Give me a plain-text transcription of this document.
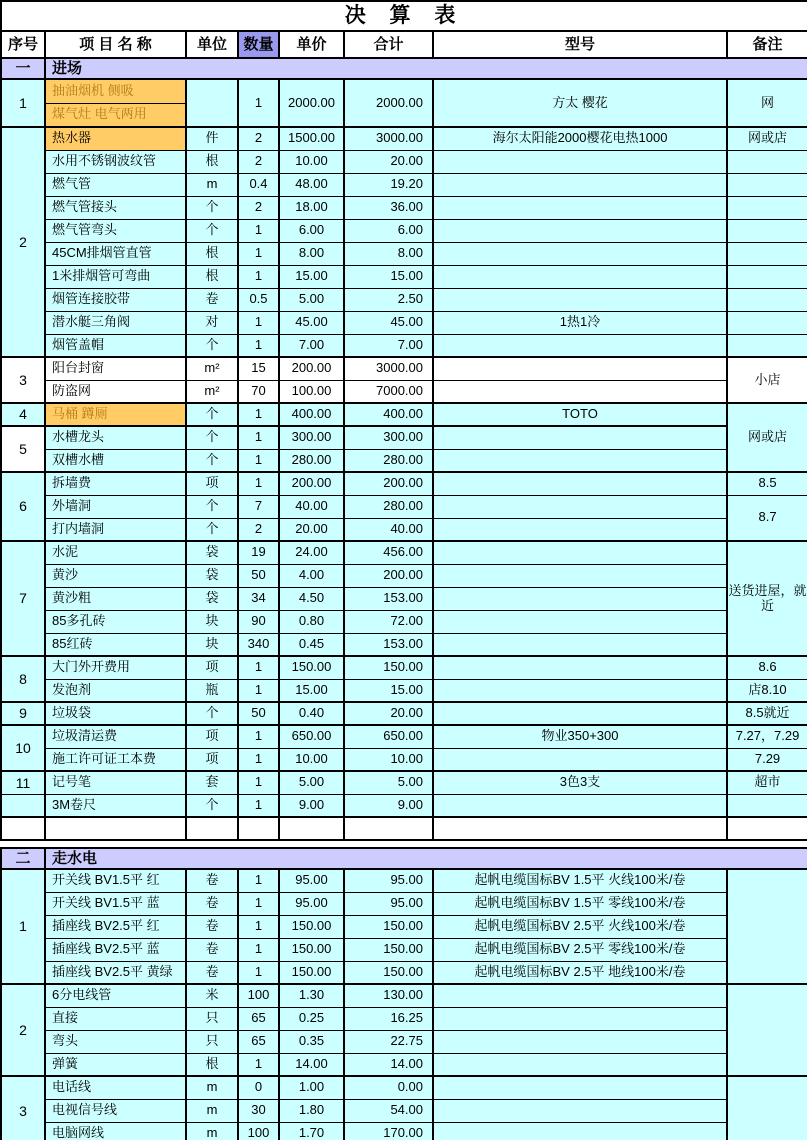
决 算 表							
序号	项 目 名 称	单位	数量	单价	合计	型号	备注
一	进场						
1	抽油烟机 侧吸		1	2000.00	2000.00	方太 樱花	网
	煤气灶 电气两用						
2	热水器	件	2	1500.00	3000.00	海尔太阳能2000樱花电热1000	网或店
	水用不锈钢波纹管	根	2	10.00	20.00		
	燃气管	m	0.4	48.00	19.20		
	燃气管接头	个	2	18.00	36.00		
	燃气管弯头	个	1	6.00	6.00		
	45CM排烟管直管	根	1	8.00	8.00		
	1米排烟管可弯曲	根	1	15.00	15.00		
	烟管连接胶带	卷	0.5	5.00	2.50		
	潜水艇三角阀	对	1	45.00	45.00	1热1冷	
	烟管盖帽	个	1	7.00	7.00		
3	阳台封窗	m²	15	200.00	3000.00		小店
	防盗网	m²	70	100.00	7000.00		
4	马桶 蹲厕	个	1	400.00	400.00	TOTO	网或店
5	水槽龙头	个	1	300.00	300.00		
	双槽水槽	个	1	280.00	280.00		
6	拆墙费	项	1	200.00	200.00		8.5
	外墙洞	个	7	40.00	280.00		8.7
	打内墙洞	个	2	20.00	40.00		
7	水泥	袋	19	24.00	456.00		送货进屋，就近
	黄沙	袋	50	4.00	200.00		
	黄沙粗	袋	34	4.50	153.00		
	85多孔砖	块	90	0.80	72.00		
	85红砖	块	340	0.45	153.00		
8	大门外开费用	项	1	150.00	150.00		8.6
	发泡剂	瓶	1	15.00	15.00		店8.10
9	垃圾袋	个	50	0.40	20.00		8.5就近
10	垃圾清运费	项	1	650.00	650.00	物业350+300	7.27，7.29
	施工许可证工本费	项	1	10.00	10.00		7.29
11	记号笔	套	1	5.00	5.00	3色3支	超市
	3M卷尺	个	1	9.00	9.00		

二	走水电						
1	开关线 BV1.5平 红	卷	1	95.00	95.00	起帆电缆国标BV 1.5平 火线100米/卷	
	开关线 BV1.5平 蓝	卷	1	95.00	95.00	起帆电缆国标BV 1.5平 零线100米/卷	
	插座线 BV2.5平 红	卷	1	150.00	150.00	起帆电缆国标BV 2.5平 火线100米/卷	
	插座线 BV2.5平 蓝	卷	1	150.00	150.00	起帆电缆国标BV 2.5平 零线100米/卷	
	插座线 BV2.5平 黄绿	卷	1	150.00	150.00	起帆电缆国标BV 2.5平 地线100米/卷	
2	6分电线管	米	100	1.30	130.00		
	直接	只	65	0.25	16.25		
	弯头	只	65	0.35	22.75		
	弹簧	根	1	14.00	14.00		
3	电话线	m	0	1.00	0.00		
	电视信号线	m	30	1.80	54.00		
	电脑网线	m	100	1.70	170.00		
